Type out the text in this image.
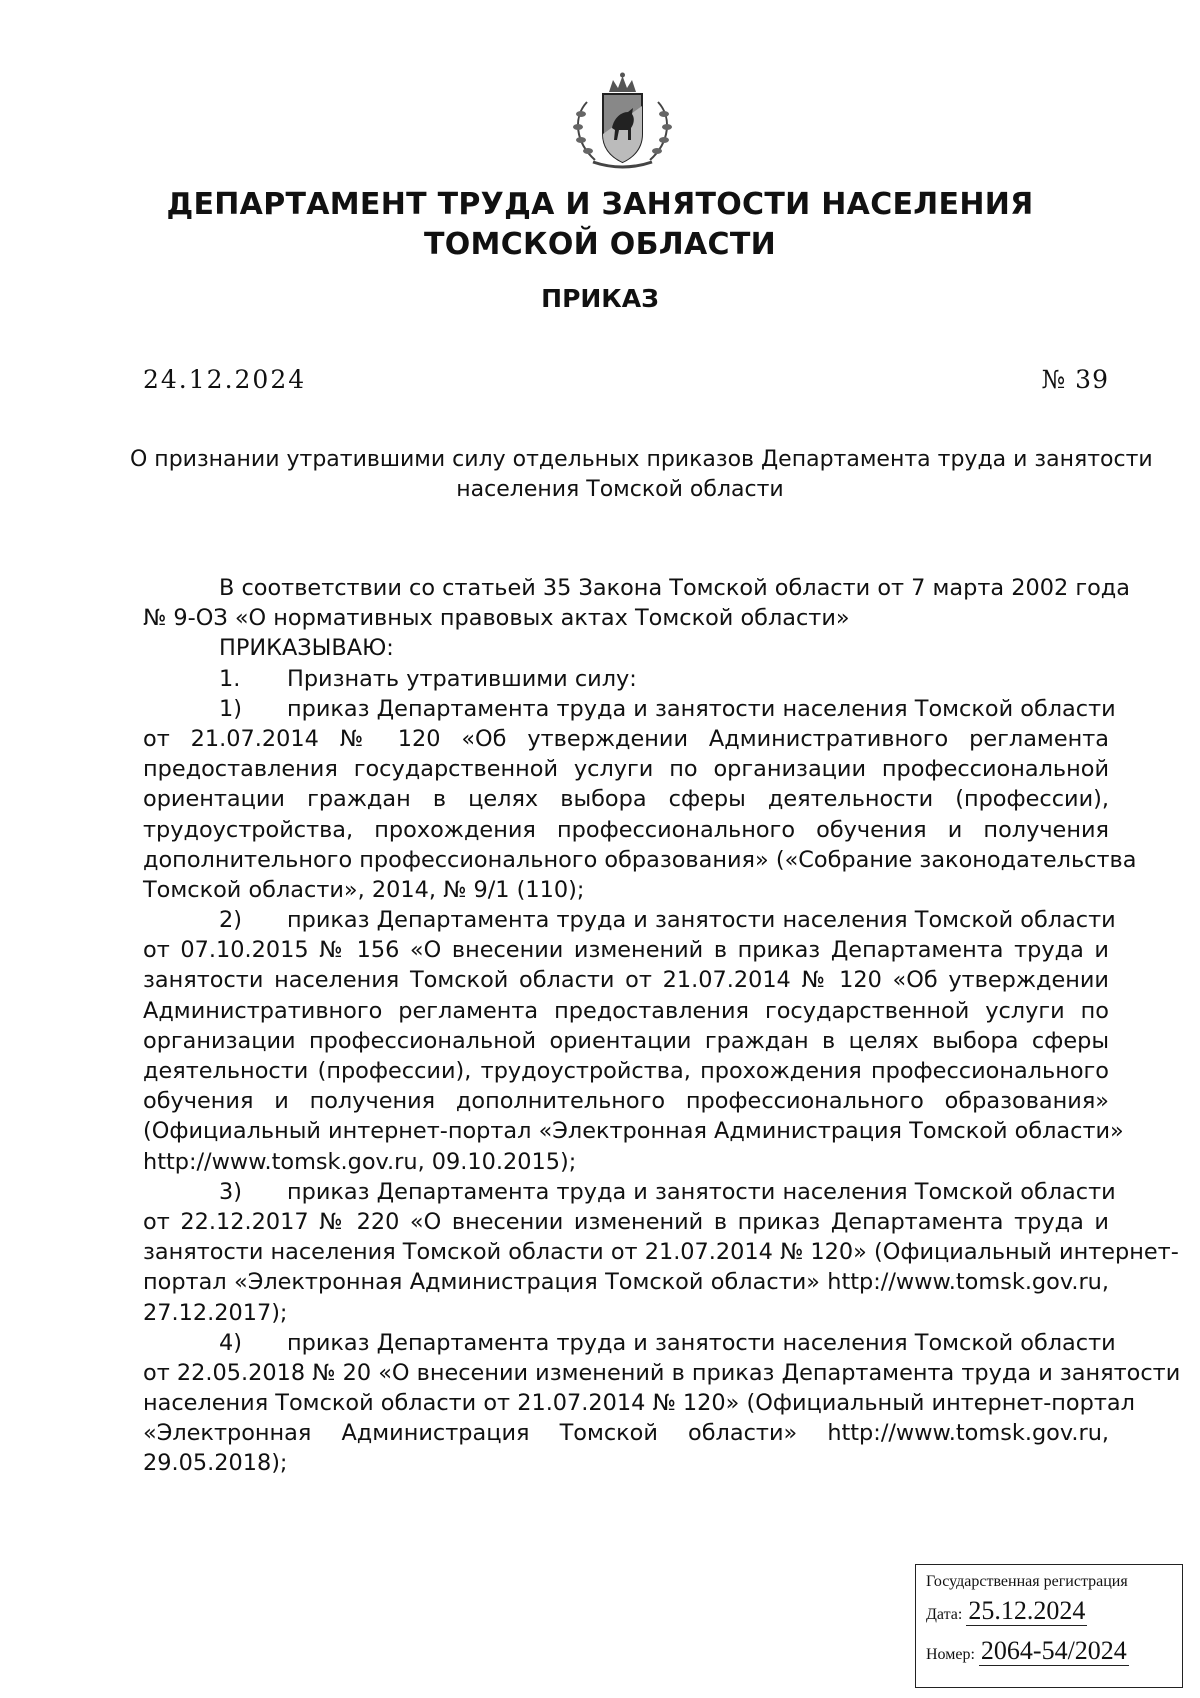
ДЕПАРТАМЕНТ ТРУДА И ЗАНЯТОСТИ НАСЕЛЕНИЯ
ТОМСКОЙ ОБЛАСТИ
ПРИКАЗ
24.12.2024	№ 39
О признании утратившими силу отдельных приказов Департамента труда и занятости
населения Томской области
В соответствии со статьей 35 Закона Томской области от 7 марта 2002 года
№ 9-ОЗ «О нормативных правовых актах Томской области»
ПРИКАЗЫВАЮ:
1. Признать утратившими силу:
1) приказ Департамента труда и занятости населения Томской области
от 21.07.2014 № 120 «Об утверждении Административного регламента
предоставления государственной услуги по организации профессиональной
ориентации граждан в целях выбора сферы деятельности (профессии),
трудоустройства, прохождения профессионального обучения и получения
дополнительного профессионального образования» («Собрание законодательства
Томской области», 2014, № 9/1 (110);
2) приказ Департамента труда и занятости населения Томской области
от 07.10.2015 № 156 «О внесении изменений в приказ Департамента труда и
занятости населения Томской области от 21.07.2014 № 120 «Об утверждении
Административного регламента предоставления государственной услуги по
организации профессиональной ориентации граждан в целях выбора сферы
деятельности (профессии), трудоустройства, прохождения профессионального
обучения и получения дополнительного профессионального образования»
(Официальный интернет-портал «Электронная Администрация Томской области»
http://www.tomsk.gov.ru, 09.10.2015);
3) приказ Департамента труда и занятости населения Томской области
от 22.12.2017 № 220 «О внесении изменений в приказ Департамента труда и
занятости населения Томской области от 21.07.2014 № 120» (Официальный интернет-
портал «Электронная Администрация Томской области» http://www.tomsk.gov.ru,
27.12.2017);
4) приказ Департамента труда и занятости населения Томской области
от 22.05.2018 № 20 «О внесении изменений в приказ Департамента труда и занятости
населения Томской области от 21.07.2014 № 120» (Официальный интернет-портал
«Электронная Администрация Томской области» http://www.tomsk.gov.ru,
29.05.2018);
Государственная регистрация
Дата: 25.12.2024
Номер: 2064-54/2024
